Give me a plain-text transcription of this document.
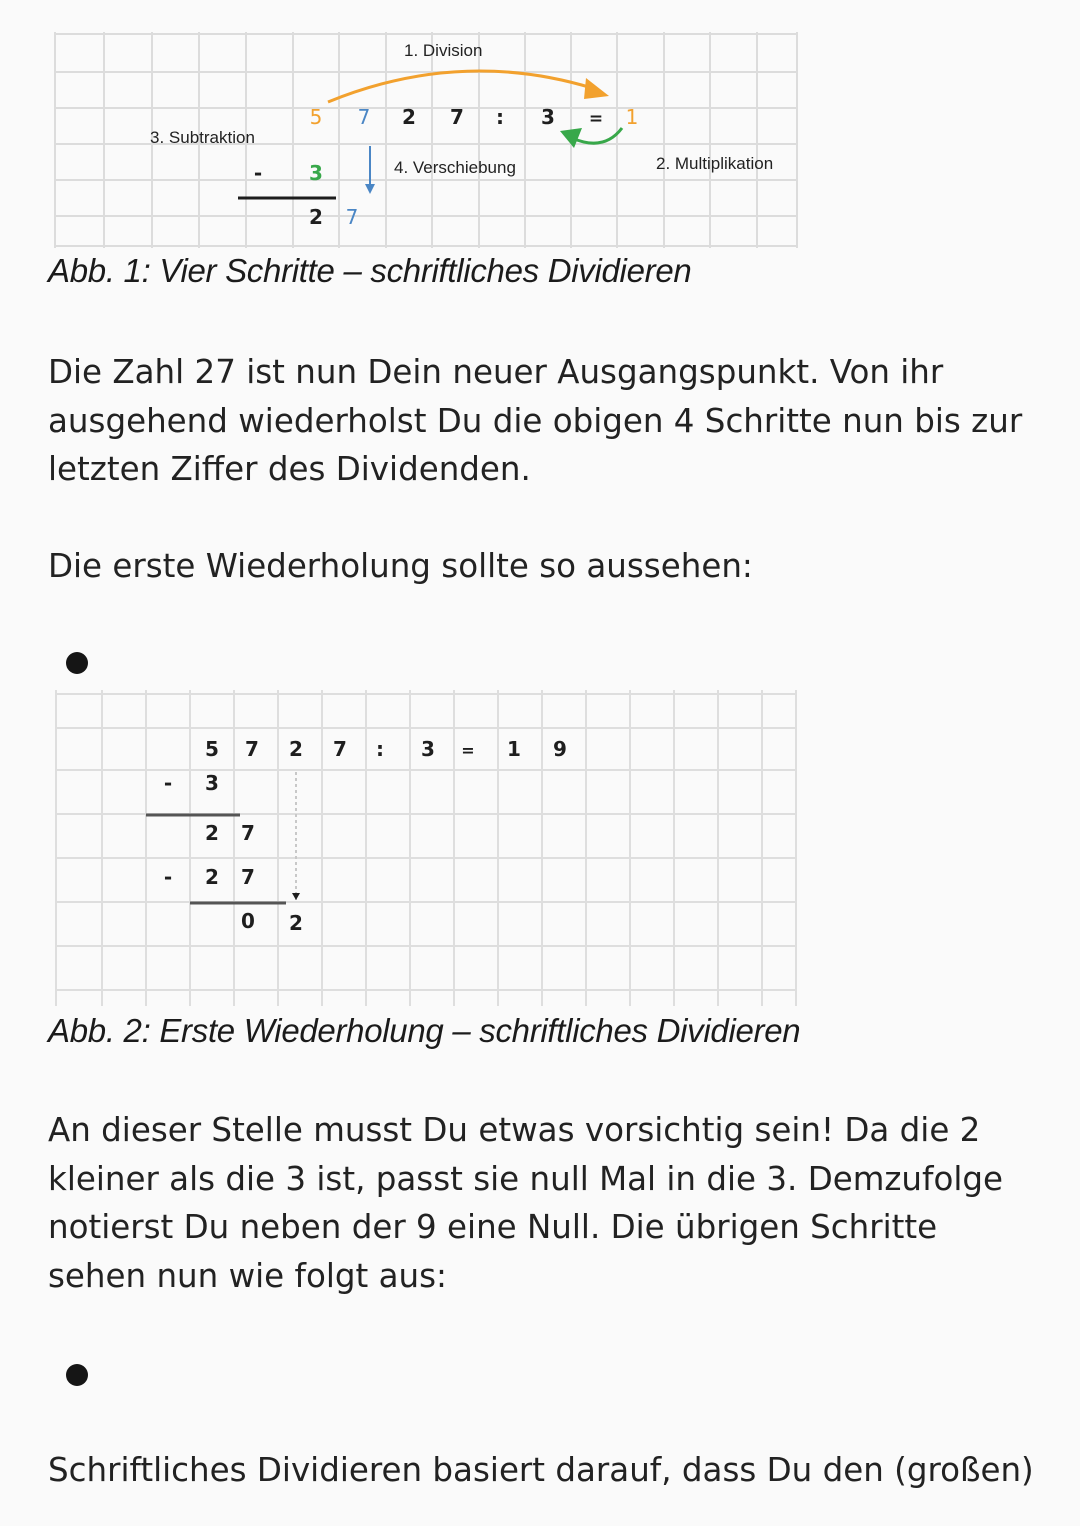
1. Division
3. Subtraktion
4. Verschiebung	2. Multiplikation
5 7 2 7 : 3 = 1
- 3
2 7

Abb. 1: Vier Schritte – schriftliches Dividieren

Die Zahl 27 ist nun Dein neuer Ausgangspunkt. Von ihr ausgehend wiederholst Du die obigen 4 Schritte nun bis zur letzten Ziffer des Dividenden.

Die erste Wiederholung sollte so aussehen:

5 7 2 7 : 3 = 1 9
- 3
2 7
- 2 7
0 2

Abb. 2: Erste Wiederholung – schriftliches Dividieren

An dieser Stelle musst Du etwas vorsichtig sein! Da die 2 kleiner als die 3 ist, passt sie null Mal in die 3. Demzufolge notierst Du neben der 9 eine Null. Die übrigen Schritte sehen nun wie folgt aus:

Schriftliches Dividieren basiert darauf, dass Du den (großen)
